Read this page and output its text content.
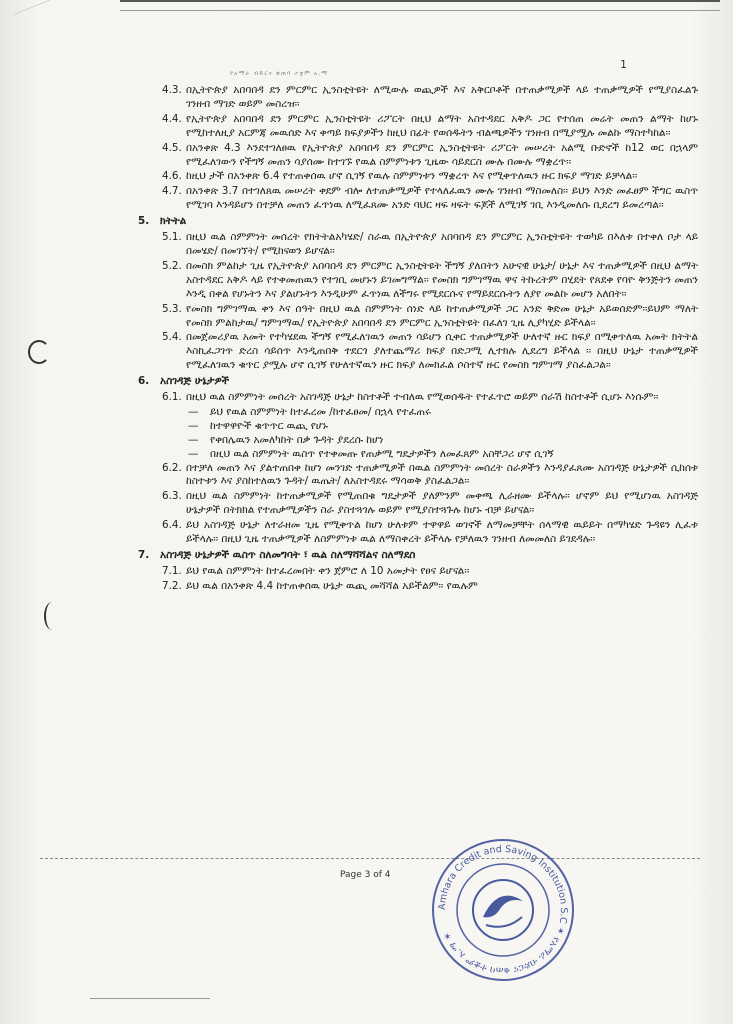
1
የአማራ ብድርና ቁጠባ ተቋም አ.ማ
4.3. በኢትዮጵያ አበባበዳ ደን ምርምር ኢንስቲትዩት ለሚውሉ ወጪዎች እና አቅርቦቶች በተጠቃሚዎች ላይ ተጠቃሚዎች የሚያስፈልጉ ገንዘብ ማገድ ወይም መስረዝ፡፡
4.4. የኢትዮጵያ አበባበዳ ደን ምርምር ኢንስቲትዩት ሪፖርት በዚህ ልማት አስተዳደር አቅዶ ጋር የተሰጠ መሬት መጠን ልማት ከሆኑ የሚከተለዚያ አርምጃ መዉሰድ እና ቀጣይ ክፍያዎችን ከዚህ በፊት የወሰዱትን ብልጫዎችን ገንዘብ በሚያሟሉ መልኩ ማስተካከል፡፡
4.5. በአንቀጽ 4.3 እንደተገለፀዉ የኢትዮጵያ አበባበዳ ደን ምርምር ኢንስቲትዩት ሪፖርት መሠረት አልሚ ቡድኖች ከ12 ወር በኋላም የሚፈለገውን የችግኝ መጠን ሳያሰሙ ከተገኙ የዉል ስምምነቱን ጊዜው ሳይደርስ ሙሉ በሙሉ ማቋረጥ፡፡
4.6. ከዚህ ታች በአንቀጽ 6.4 የተጠቀሰዉ ሆኖ ሲገኝ የዉሉ ስምምነቱን ማቋረጥ እና የሚቀጥለዉን ዙር ክፍያ ማገድ ይቻላል፡፡
4.7. በአንቀጽ 3.7 በተገለጸዉ መሠረት ቀደም ብሎ ለተጠቃሚዎች የተላለፈዉን ሙሉ ገንዘብ ማስመለስ፡፡ ይህን እንድ መፈፀም ችግር ዉስጥ የሚገባ እንዳይሆን በተቻለ መጠን ፈጥነዉ ለሚፈጸሙ አንድ ባህር ዛፍ ዛፍት ፍጆች ለሚገኝ ገቢ እንዲመለሱ ቢደረግ ይመረጣል፡፡
5.	ክትትል
5.1. በዚህ ዉል ስምምነት መሰረት የክትትልአካሄድ/ ስራዉ በኢትዮጵያ አበባበዳ ደን ምርምር ኢንስቲትዩት ተወካይ በእለቱ በተቀለ ቦታ ላይ በመሄድ/ በመገኘት/ የሚከናወን ይሆናል፡፡
5.2. በመስክ ምልከታ ጊዜ የኢትዮጵያ አበባበዳ ደን ምርምር ኢንስቲትዩት ችግኝ ያለበትን አሁናዊ ሁኔታ/ ሁኔታ እና ተጠቃሚዎች በዚህ ልማት አስተዳደር አቅዶ ላይ የተቀመጠዉን የተገቢ መሆኑን ይገመግማል፡፡ የመስክ ግምገማዉ ዋና ትኩረትም በሂደት የጸደቀ የባዮ ቅንጅትን መጠን እንዲ በቀል የሆኑትን እና ያልሆኑትን እንዲሁም ፈጥነዉ ለችግሩ የሚደርሱና የማይደርሱትን ለያየ መልኩ መሆን አለበት፡፡
5.3. የመስክ ግምገማዉ ቀን እና ሰዓት በዚህ ዉል ስምምነት ሰነድ ላይ ከተጠቃሚዎች ጋር አንድ ቅድመ ሁኔታ አይወሰድም፡፡ይህም ማለት የመስክ ምልከታዉ/ ግምገማዉ/ የኢትዮጵያ አበባበዳ ደን ምርምር ኢንስቲትዩት በፈለገ ጊዜ ሊያካሂድ ይችላል፡፡
5.4. በመጀመሪያዉ አመት የተካሄደዉ ችግኝ የሚፈለገዉን መጠን ሳይሆን ሲቀር ተጠቃሚዎች ሁለተኛ ዙር ክፍያ በሚቀጥለዉ አመት ክትትል እስኪፈጋገጥ ድረስ ሳይሰጥ እንዲጠበቅ ተደርጎ ያለተጨማሪ ክፍያ በድጋሚ ሊተክሉ ሊደረግ ይችላል ፡፡ በዚህ ሁኔታ ተጠቃሚዎች የሚፈለገዉን ቁጥር ያሟሉ ሆኖ ሲገኝ የሁለተኛዉን ዙር ክፍያ ለመክፈል ሶስተኛ ዙር የመስክ ግምገማ ያስፈልጋል፡፡
6.	አስገዳጅ ሁኔታዎች
6.1. በዚህ ዉል ስምምነት መሰረት አስገዳጅ ሁኔታ ከስተቶች ተብለዉ የሚወሰዱት የተፈጥሮ ወይም ሰራሽ ከስተቶች ሲሆኑ እነሱም፡፡
—	ይህ የዉል ስምምነት ከተፈረመ /ከተፈፀመ/ በኋላ የተፈጠሩ
—	ከተዋዋዮች ቁጥጥር ዉጪ የሆኑ
—	የቀበሌዉን አመለካከት በቃ ጉዳት ያደረሱ ከሆነ
—	በዚህ ዉል ስምምነት ዉስጥ የተቀመጡ የጠቃሚ ግዴታዎችን ለመፈጸም አስቸጋሪ ሆኖ ሲገኝ
6.2. በተቻለ መጠን እና ያልተጠበቀ ከሆነ መንገድ ተጠቃሚዎች በዉል ስምምነት መሰረት ስራዎችን እንዳያፈጸሙ አስገዳጅ ሁኔታዎች ሲከሰቱ ከስተቱን እና ያስከተለዉን ጉዳት/ ዉጤት/ ለአስተዳደሩ ማሳወቅ ያስፈልጋል፡፡
6.3. በዚህ ዉል ስምምነት ከተጠቃሚዎች የሚጠበቁ ግዴታዎች ያለምንም መቀጫ ሊራዘሙ ይችላሉ፡፡ ሆኖም ይህ የሚሆነዉ አስገዳጅ ሁኔታዎች በትክክል የተጠቃሚዎችን ስራ ያስተጓጎሉ ወይም የሚያስተጓጉሉ ከሆኑ ብቻ ይሆናል፡፡
6.4. ይህ አስገዳጅ ሁኔታ ለተራዘመ ጊዜ የሚቀጥል ከሆነ ሁለቱም ተዋዋይ ወገኖች ለማመቻቸት ሰላማዊ ዉይይት በማካሄድ ጉዳዩን ሊፈቱ ይችላሉ፡፡ በዚህ ጊዜ ተጠቃሚዎች ለስምምነቱ ዉል ለማስቀረት ይችላሉ የቻለዉን ገንዘብ ለመመለስ ይገደዳሉ፡፡
7.	አስገዳጅ ሁኔታዎች ዉስጥ ስለመግባት ፣ ዉል ስለማሻሻልና ስለማደስ
7.1. ይህ የዉል ስምምነት ከተፈረመበት ቀን ጀምሮ ለ 10 አመታት የፀና ይሆናል፡፡
7.2. ይህ ዉል በአንቀጽ 4.4 ከተጠቀሰዉ ሁኔታ ዉጪ መሻሻል አይችልም፡፡ የዉሉም
Page 3 of 4
Amhara Credit and Saving Institution S.C ✶ የአማራ ብድርና ቁጠባ ተቋም አ.ማ ✶
